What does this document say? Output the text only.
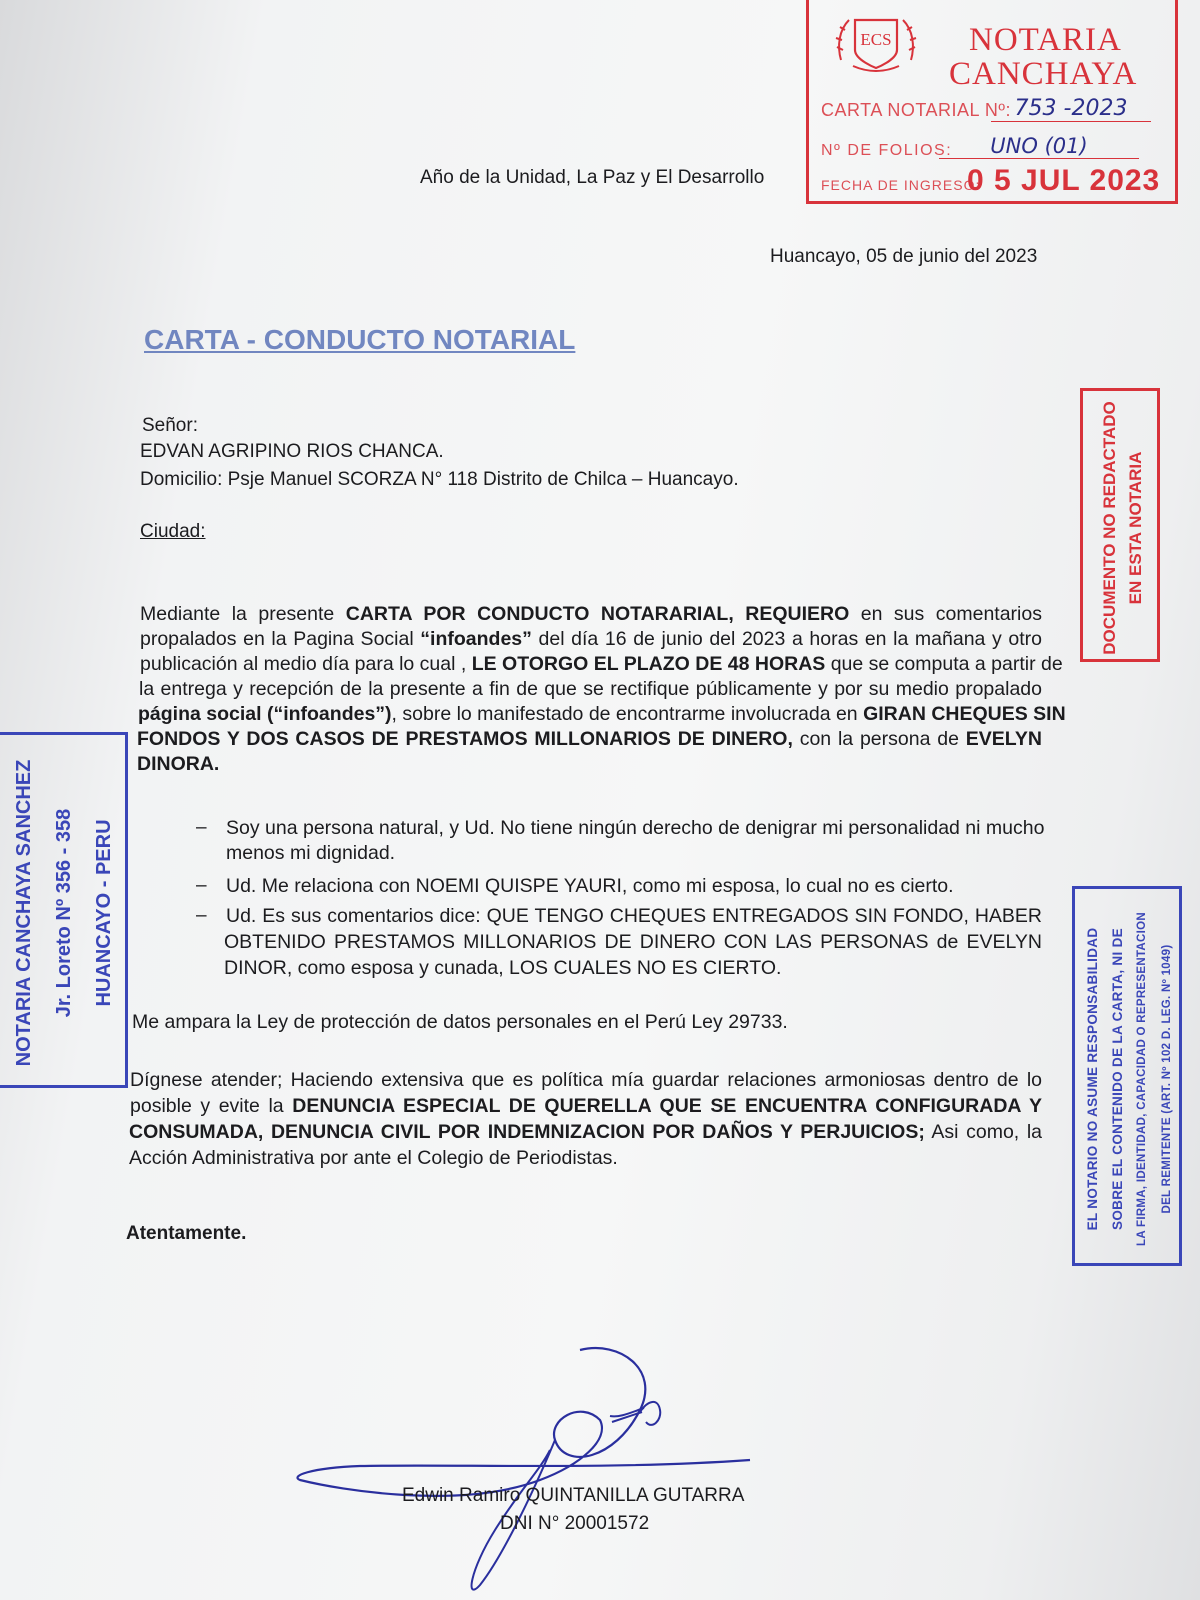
Año de la Unidad, La Paz y El Desarrollo
Huancayo, 05 de junio del 2023
ECS NOTARIA
CANCHAYA
CARTA NOTARIAL Nº: 753 -2023
Nº DE FOLIOS:	UNO (01)
FECHA DE INGRESO:
0 5 JUL 2023
CARTA - CONDUCTO NOTARIAL
Señor:
EDVAN AGRIPINO RIOS CHANCA.
Domicilio: Psje Manuel SCORZA N° 118 Distrito de Chilca – Huancayo.
Ciudad:
Mediante la presente CARTA POR CONDUCTO NOTARARIAL, REQUIERO en sus comentarios
propalados en la Pagina Social “infoandes” del día 16 de junio del 2023 a horas en la mañana y otro
publicación al medio día para lo cual , LE OTORGO EL PLAZO DE 48 HORAS que se computa a partir de
la entrega y recepción de la presente a fin de que se rectifique públicamente y por su medio propalado
página social (“infoandes”), sobre lo manifestado de encontrarme involucrada en GIRAN CHEQUES SIN
FONDOS Y DOS CASOS DE PRESTAMOS MILLONARIOS DE DINERO, con la persona de EVELYN
DINORA.
– Soy una persona natural, y Ud. No tiene ningún derecho de denigrar mi personalidad ni mucho
menos mi dignidad.
– Ud. Me relaciona con NOEMI QUISPE YAURI, como mi esposa, lo cual no es cierto.
– Ud. Es sus comentarios dice: QUE TENGO CHEQUES ENTREGADOS SIN FONDO, HABER
OBTENIDO PRESTAMOS MILLONARIOS DE DINERO CON LAS PERSONAS de EVELYN
DINOR, como esposa y cunada, LOS CUALES NO ES CIERTO.
Me ampara la Ley de protección de datos personales en el Perú Ley 29733.
Dígnese atender; Haciendo extensiva que es política mía guardar relaciones armoniosas dentro de lo
posible y evite la DENUNCIA ESPECIAL DE QUERELLA QUE SE ENCUENTRA CONFIGURADA Y
CONSUMADA, DENUNCIA CIVIL POR INDEMNIZACION POR DAÑOS Y PERJUICIOS; Asi como, la
Acción Administrativa por ante el Colegio de Periodistas.
Atentamente.
Edwin Ramiro QUINTANILLA GUTARRA
DNI N° 20001572
DOCUMENTO NO REDACTADO EN ESTA NOTARIA
NOTARIA CANCHAYA SANCHEZ Jr. Loreto Nº 356 - 358 HUANCAYO - PERU
EL NOTARIO NO ASUME RESPONSABILIDAD SOBRE EL CONTENIDO DE LA CARTA, NI DE LA FIRMA, IDENTIDAD, CAPACIDAD O REPRESENTACION	DEL REMITENTE (ART. Nº 102 D. LEG. Nº 1049)
